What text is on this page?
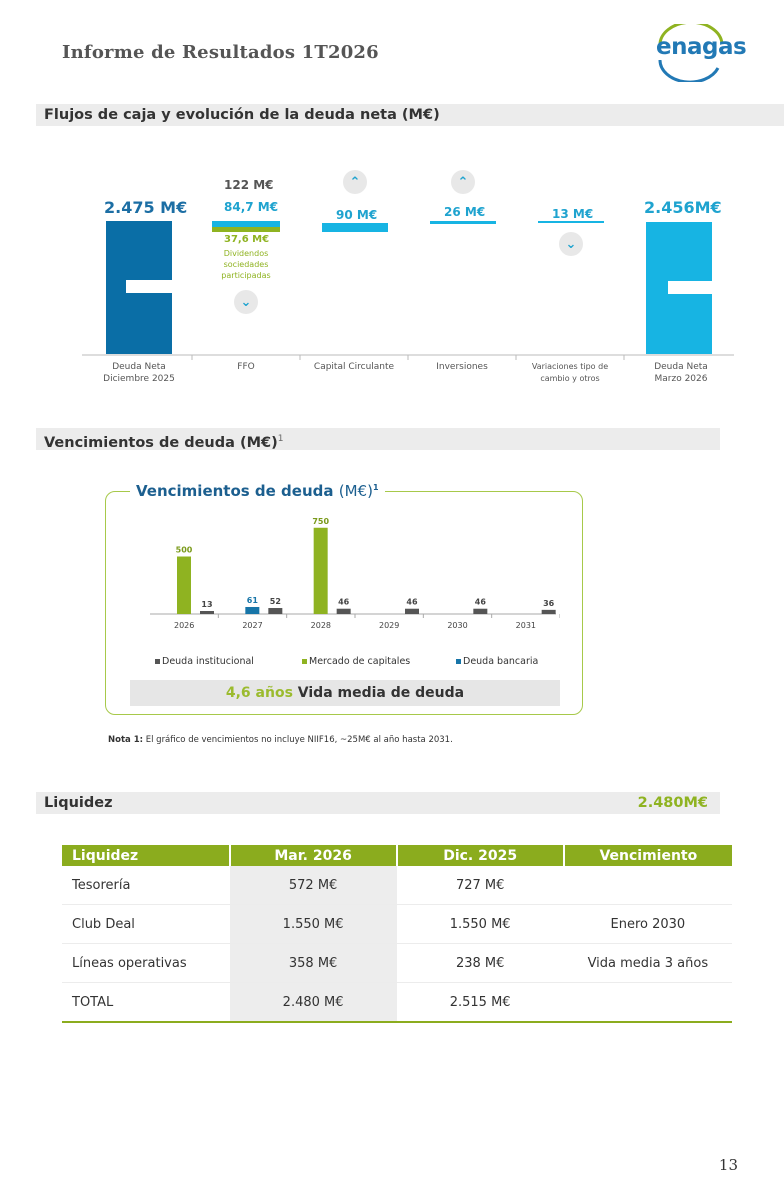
Informe de Resultados 1T2026	enagas
Flujos de caja y evolución de la deuda neta (M€)
2.475 M€
122 M€
84,7 M€
37,6 M€
Dividendos
sociedades
participadas
⌄
⌃
90 M€
⌃
26 M€	13 M€
⌄
2.456M€
Deuda Neta
Diciembre 2025
FFO	Capital Circulante	Inversiones	Variaciones tipo de
cambio y otros
Deuda Neta
Marzo 2026
Vencimientos de deuda (M€)$^1$
Vencimientos de deuda (M€)$^1$
2026
500
13
2027
61 52
2028
750
46
2029
46
2030
46
2031
36
Deuda institucional	Mercado de capitales	Deuda bancaria
4,6 años Vida media de deuda
Nota 1: El gráfico de vencimientos no incluye NIIF16, ~25M€ al año hasta 2031.
Liquidez	2.480M€
Liquidez	Mar. 2026	Dic. 2025	Vencimiento
Tesorería	572 M€	727 M€	
Club Deal	1.550 M€	1.550 M€	Enero 2030
Líneas operativas	358 M€	238 M€	Vida media 3 años
TOTAL	2.480 M€	2.515 M€	
13
